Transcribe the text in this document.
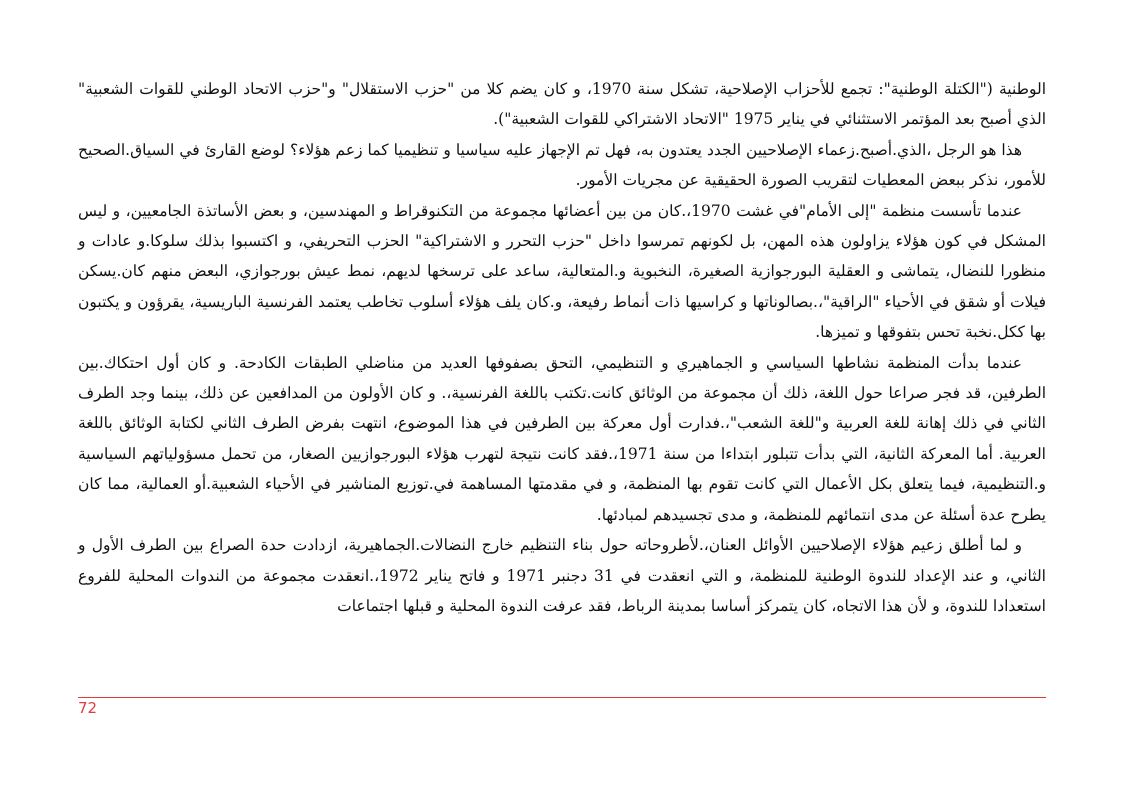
الوطنية ("الكتلة الوطنية": تجمع للأحزاب الإصلاحية، تشكل سنة 1970، و كان يضم كلا من "حزب الاستقلال" و"حزب الاتحاد الوطني للقوات الشعبية" الذي أصبح بعد المؤتمر الاستثنائي في يناير 1975 "الاتحاد الاشتراكي للقوات الشعبية").

هذا هو الرجل ،الذي.أصبح.زعماء الإصلاحيين الجدد يعتدون به، فهل تم الإجهاز عليه سياسيا و تنظيميا كما زعم هؤلاء؟ لوضع القارئ في السياق.الصحيح للأمور، نذكر ببعض المعطيات لتقريب الصورة الحقيقية عن مجريات الأمور.

عندما تأسست منظمة "إلى الأمام"في غشت 1970،.كان من بين أعضائها مجموعة من التكنوقراط و المهندسين، و بعض الأساتذة الجامعيين، و ليس المشكل في كون هؤلاء يزاولون هذه المهن، بل لكونهم تمرسوا داخل "حزب التحرر و الاشتراكية" الحزب التحريفي، و اكتسبوا بذلك سلوكا.و عادات و منظورا للنضال، يتماشى و العقلية البورجوازية الصغيرة، النخبوية و.المتعالية، ساعد على ترسخها لديهم، نمط عيش بورجوازي، البعض منهم كان.يسكن فيلات أو شقق في الأحياء "الراقية"،.بصالوناتها و كراسيها ذات أنماط رفيعة، و.كان يلف هؤلاء أسلوب تخاطب يعتمد الفرنسية الباريسية، يقرؤون و يكتبون بها ككل.نخبة تحس بتفوقها و تميزها.

عندما بدأت المنظمة نشاطها السياسي و الجماهيري و التنظيمي، التحق بصفوفها العديد من مناضلي الطبقات الكادحة. و كان أول احتكاك.بين الطرفين، قد فجر صراعا حول اللغة، ذلك أن مجموعة من الوثائق كانت.تكتب باللغة الفرنسية،. و كان الأولون من المدافعين عن ذلك، بينما وجد الطرف الثاني في ذلك إهانة للغة العربية و"للغة الشعب"،.فدارت أول معركة بين الطرفين في هذا الموضوع، انتهت بفرض الطرف الثاني لكتابة الوثائق باللغة العربية. أما المعركة الثانية، التي بدأت تتبلور ابتداءا من سنة 1971،.فقد كانت نتيجة لتهرب هؤلاء البورجوازيين الصغار، من تحمل مسؤولياتهم السياسية و.التنظيمية، فيما يتعلق بكل الأعمال التي كانت تقوم بها المنظمة، و في مقدمتها المساهمة في.توزيع المناشير في الأحياء الشعبية.أو العمالية، مما كان يطرح عدة أسئلة عن مدى انتمائهم للمنظمة، و مدى تجسيدهم لمبادئها.

و لما أطلق زعيم هؤلاء الإصلاحيين الأوائل العنان،.لأطروحاته حول بناء التنظيم خارج النضالات.الجماهيرية، ازدادت حدة الصراع بين الطرف الأول و الثاني، و عند الإعداد للندوة الوطنية للمنظمة، و التي انعقدت في 31 دجنبر 1971 و فاتح يناير 1972،.انعقدت مجموعة من الندوات المحلية للفروع استعدادا للندوة، و لأن هذا الاتجاه، كان يتمركز أساسا بمدينة الرباط، فقد عرفت الندوة المحلية و قبلها اجتماعات

72
